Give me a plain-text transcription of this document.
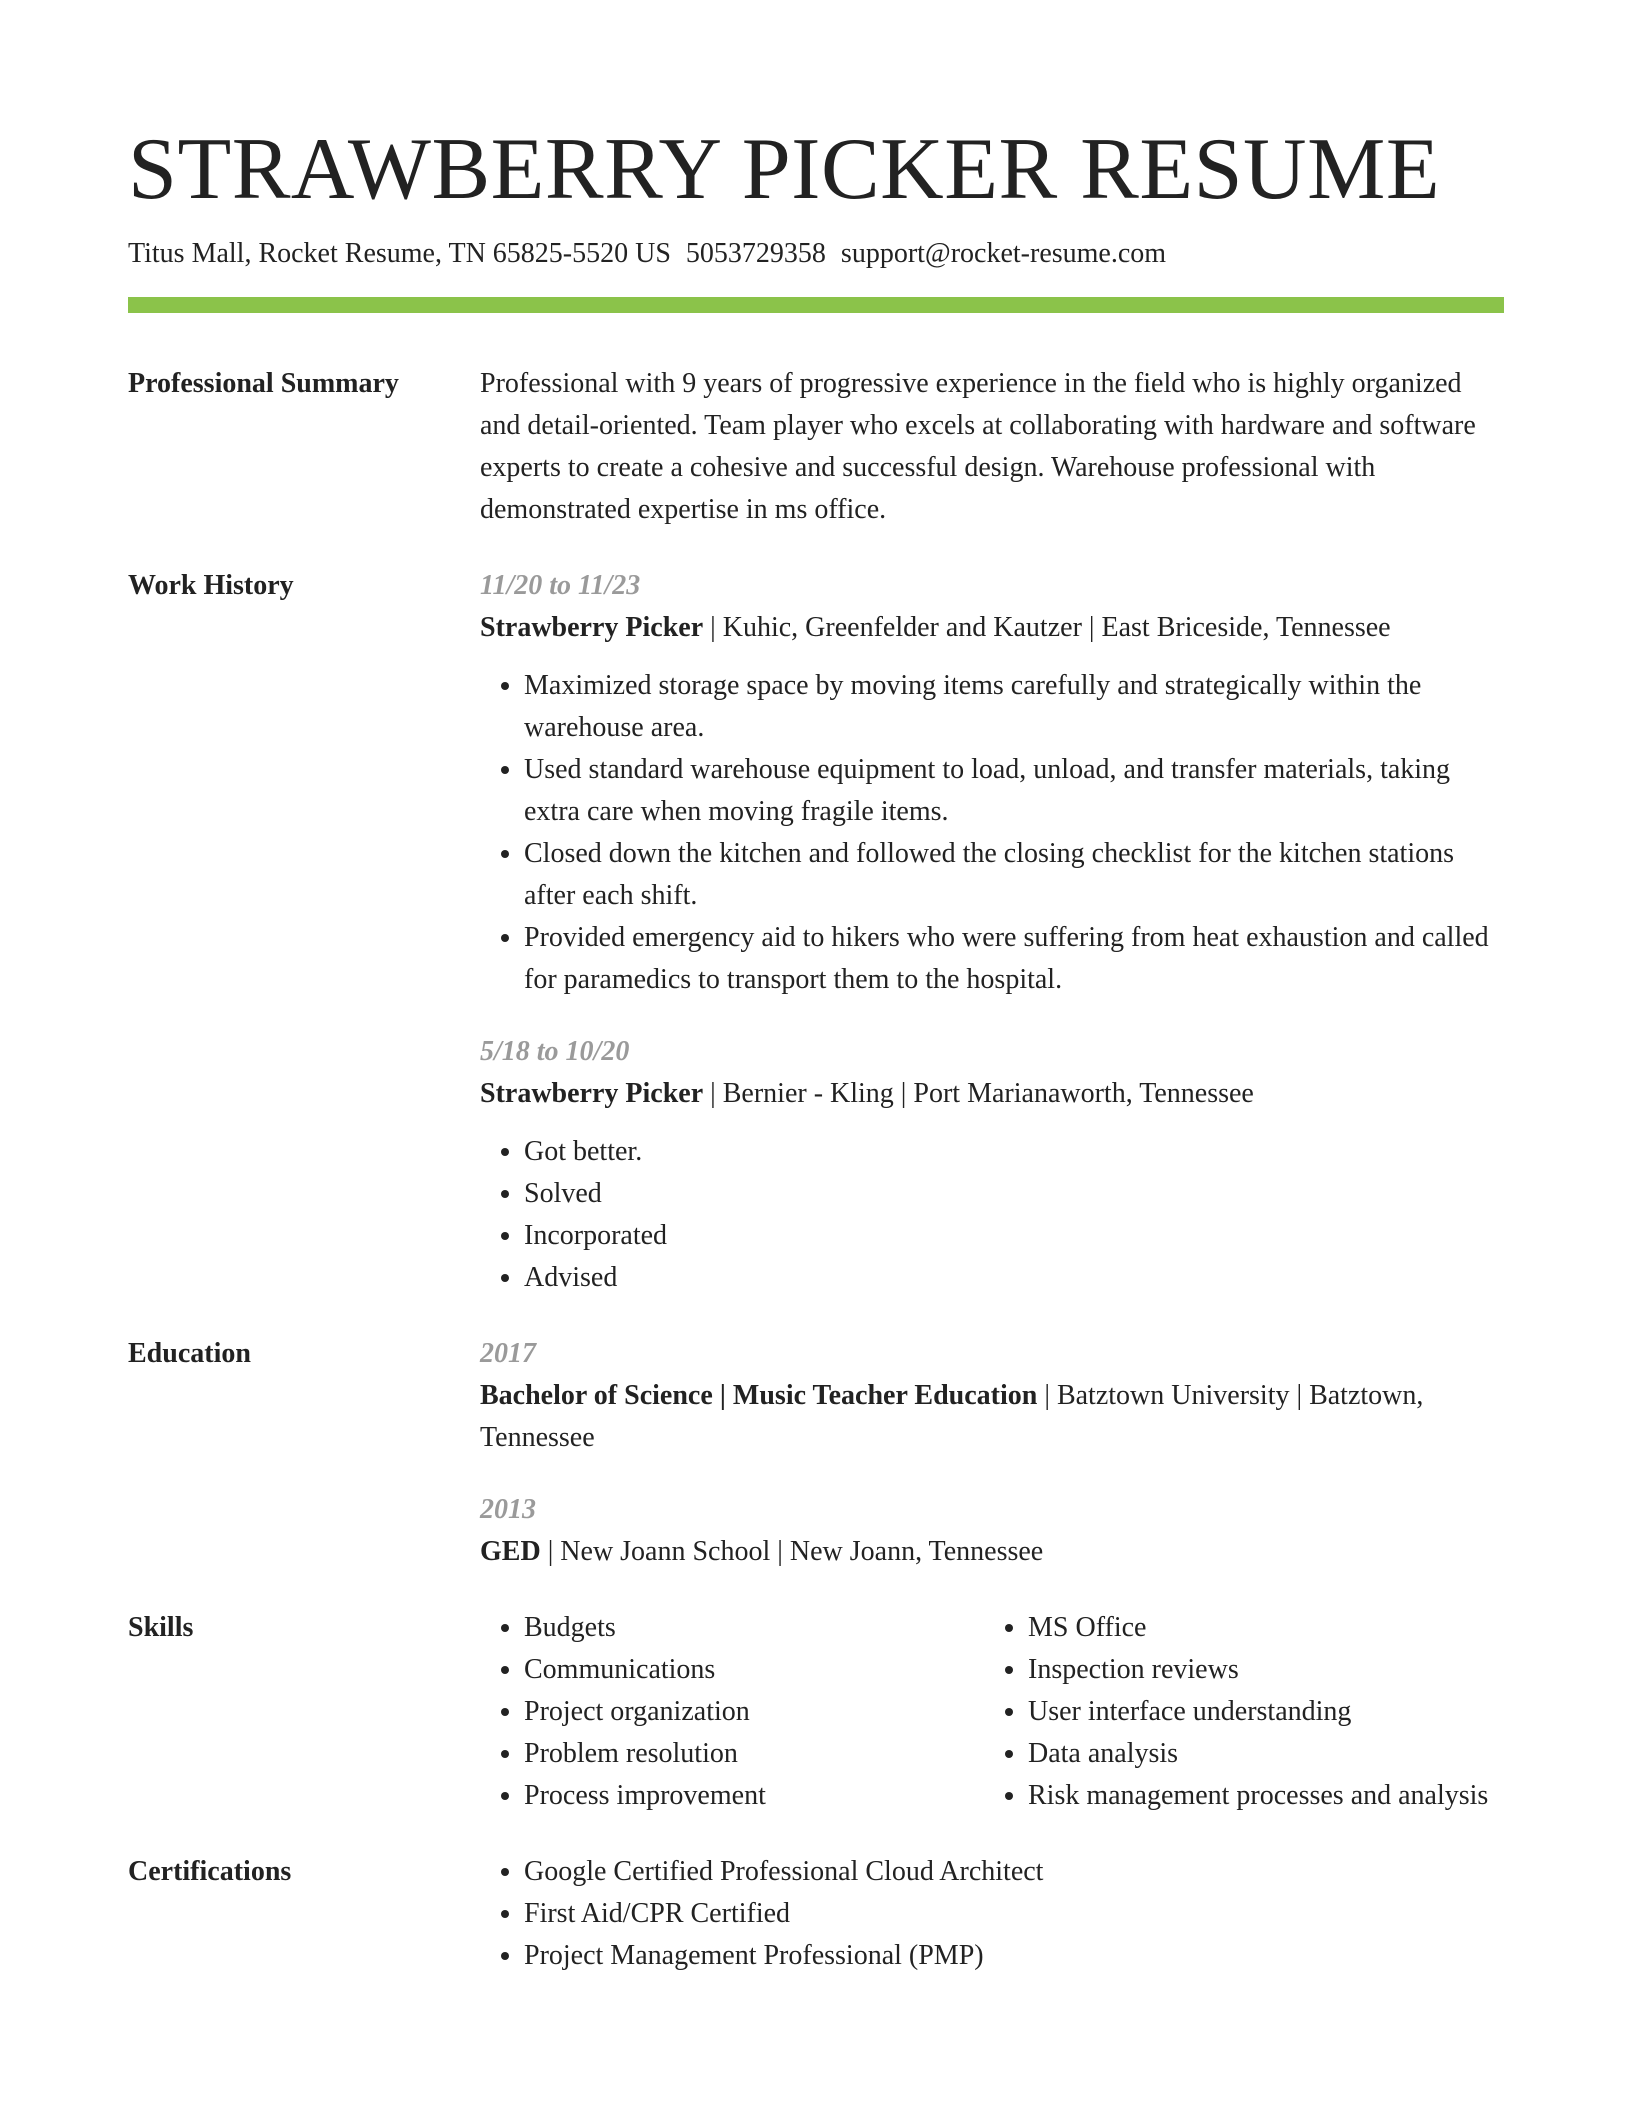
STRAWBERRY PICKER RESUME
Titus Mall, Rocket Resume, TN 65825-5520 US 5053729358 support@rocket-resume.com
Professional Summary	Professional with 9 years of progressive experience in the field who is highly organized and detail-oriented. Team player who excels at collaborating with hardware and software experts to create a cohesive and successful design. Warehouse professional with demonstrated expertise in ms office.

Work History	11/20 to 11/23
Strawberry Picker | Kuhic, Greenfelder and Kautzer | East Briceside, Tennessee
• Maximized storage space by moving items carefully and strategically within the warehouse area.
• Used standard warehouse equipment to load, unload, and transfer materials, taking extra care when moving fragile items.
• Closed down the kitchen and followed the closing checklist for the kitchen stations after each shift.
• Provided emergency aid to hikers who were suffering from heat exhaustion and called for paramedics to transport them to the hospital.
5/18 to 10/20
Strawberry Picker | Bernier - Kling | Port Marianaworth, Tennessee
• Got better.
• Solved
• Incorporated
• Advised
Education	2017
Bachelor of Science | Music Teacher Education | Batztown University | Batztown, Tennessee
2013
GED | New Joann School | New Joann, Tennessee
Skills	• Budgets
• Communications
• Project organization
• Problem resolution
• Process improvement
• MS Office
• Inspection reviews
• User interface understanding
• Data analysis
• Risk management processes and analysis
Certifications	• Google Certified Professional Cloud Architect
• First Aid/CPR Certified
• Project Management Professional (PMP)
